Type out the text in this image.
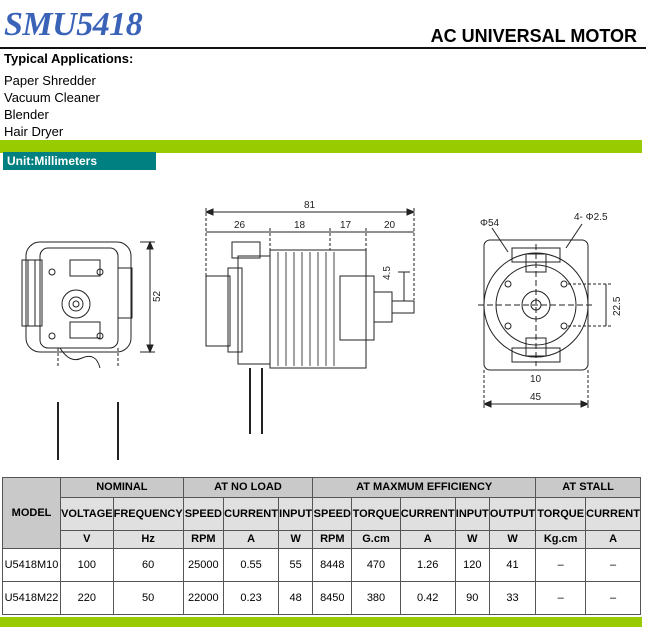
SMU5418	AC UNIVERSAL MOTOR
Typical Applications:
Paper Shredder
Vacuum Cleaner
Blender
Hair Dryer
Unit:Millimeters
52
81
26	18	17	20
4.5
Φ54
4- Φ2.5
22.5
10
45
MODEL	NOMINAL		AT NO LOAD			AT MAXMUM EFFICIENCY					AT STALL	
	VOLTAGE	FREQUENCY	SPEED	CURRENT	INPUT	SPEED	TORQUE	CURRENT	INPUT	OUTPUT	TORQUE	CURRENT
	V	Hz	RPM	A	W	RPM	G.cm	A	W	W	Kg.cm	A
U5418M10	100	60	25000	0.55	55	8448	470	1.26	120	41	–	–
U5418M22	220	50	22000	0.23	48	8450	380	0.42	90	33	–	–
